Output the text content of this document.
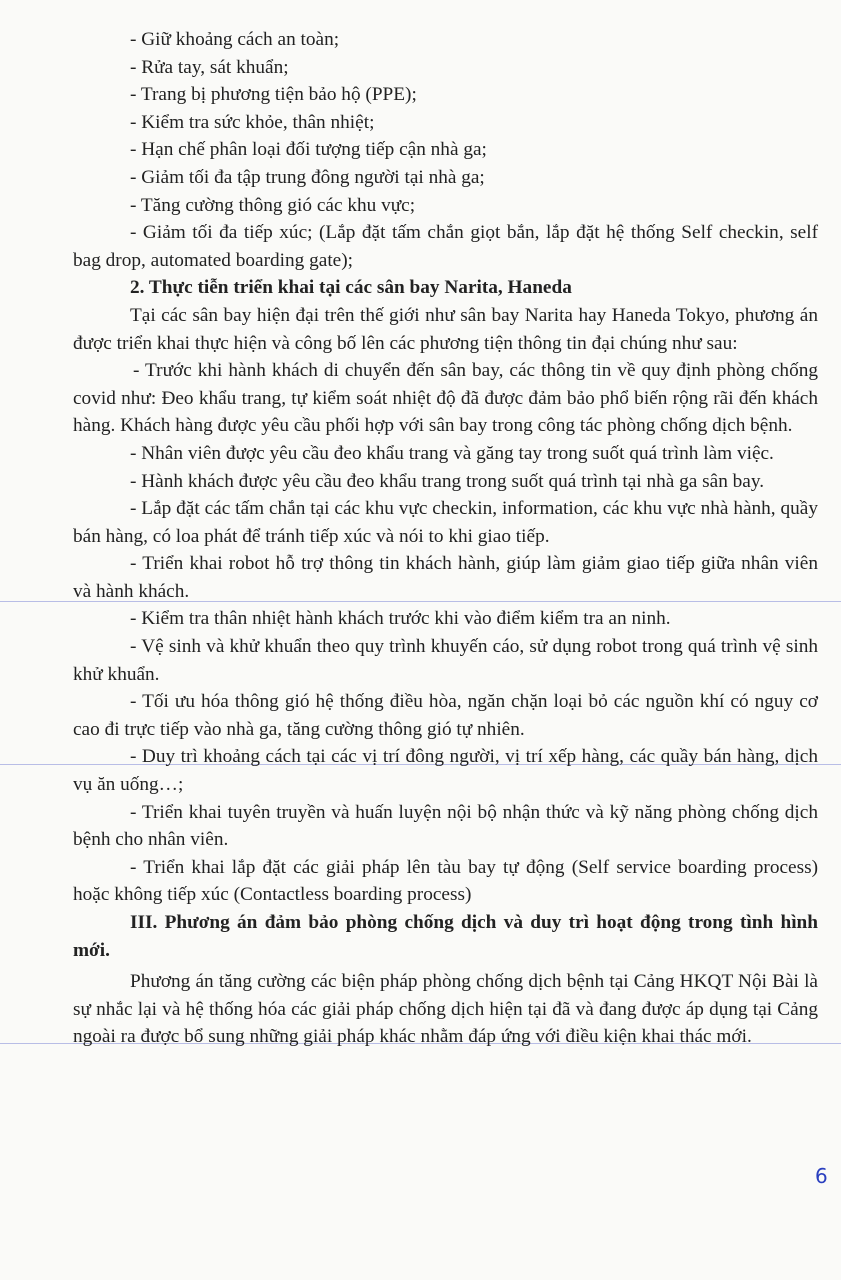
- Giữ khoảng cách an toàn;

- Rửa tay, sát khuẩn;

- Trang bị phương tiện bảo hộ (PPE);

- Kiểm tra sức khỏe, thân nhiệt;

- Hạn chế phân loại đối tượng tiếp cận nhà ga;

- Giảm tối đa tập trung đông người tại nhà ga;

- Tăng cường thông gió các khu vực;

- Giảm tối đa tiếp xúc; (Lắp đặt tấm chắn giọt bắn, lắp đặt hệ thống Self checkin, self bag drop, automated boarding gate);

2. Thực tiễn triển khai tại các sân bay Narita, Haneda

Tại các sân bay hiện đại trên thế giới như sân bay Narita hay Haneda Tokyo, phương án được triển khai thực hiện và công bố lên các phương tiện thông tin đại chúng như sau:

- Trước khi hành khách di chuyển đến sân bay, các thông tin về quy định phòng chống covid như: Đeo khẩu trang, tự kiểm soát nhiệt độ đã được đảm bảo phổ biến rộng rãi đến khách hàng. Khách hàng được yêu cầu phối hợp với sân bay trong công tác phòng chống dịch bệnh.

- Nhân viên được yêu cầu đeo khẩu trang và găng tay trong suốt quá trình làm việc.

- Hành khách được yêu cầu đeo khẩu trang trong suốt quá trình tại nhà ga sân bay.

- Lắp đặt các tấm chắn tại các khu vực checkin, information, các khu vực nhà hành, quầy bán hàng, có loa phát để tránh tiếp xúc và nói to khi giao tiếp.

- Triển khai robot hỗ trợ thông tin khách hành, giúp làm giảm giao tiếp giữa nhân viên và hành khách.

- Kiểm tra thân nhiệt hành khách trước khi vào điểm kiểm tra an ninh.

- Vệ sinh và khử khuẩn theo quy trình khuyến cáo, sử dụng robot trong quá trình vệ sinh khử khuẩn.

- Tối ưu hóa thông gió hệ thống điều hòa, ngăn chặn loại bỏ các nguồn khí có nguy cơ cao đi trực tiếp vào nhà ga, tăng cường thông gió tự nhiên.

- Duy trì khoảng cách tại các vị trí đông người, vị trí xếp hàng, các quầy bán hàng, dịch vụ ăn uống…;

- Triển khai tuyên truyền và huấn luyện nội bộ nhận thức và kỹ năng phòng chống dịch bệnh cho nhân viên.

- Triển khai lắp đặt các giải pháp lên tàu bay tự động (Self service boarding process) hoặc không tiếp xúc (Contactless boarding process)

III. Phương án đảm bảo phòng chống dịch và duy trì hoạt động trong tình hình mới.

Phương án tăng cường các biện pháp phòng chống dịch bệnh tại Cảng HKQT Nội Bài là sự nhắc lại và hệ thống hóa các giải pháp chống dịch hiện tại đã và đang được áp dụng tại Cảng ngoài ra được bổ sung những giải pháp khác nhằm đáp ứng với điều kiện khai thác mới.

6
